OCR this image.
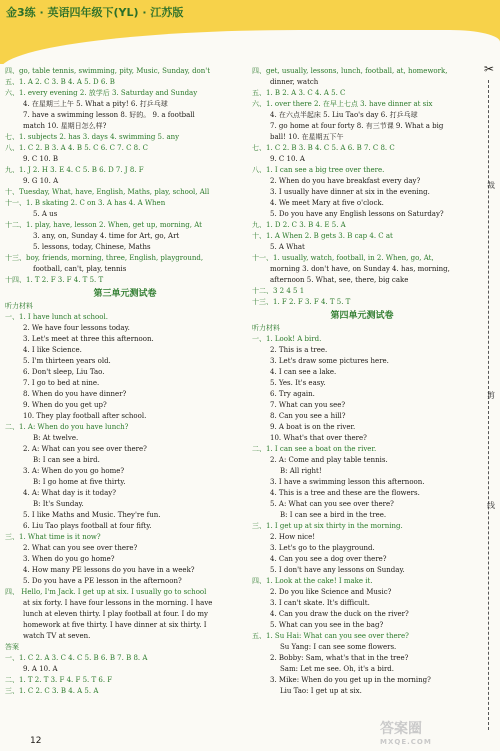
金3练 · 英语四年级下(YL) · 江苏版
✂
裁
剪
线
四、go, table tennis, swimming, pity, Music, Sunday, don't
五、1. A 2. C 3. B 4. A 5. D 6. B
六、1. every evening 2. 放学后 3. Saturday and Sunday
4. 在星期三上午 5. What a pity! 6. 打乒乓球
7. have a swimming lesson 8. 好的。 9. a football
match 10. 星期日怎么样?
七、1. subjects 2. has 3. days 4. swimming 5. any
八、1. C 2. B 3. A 4. B 5. C 6. C 7. C 8. C
9. C 10. B
九、1. J 2. H 3. E 4. C 5. B 6. D 7. J 8. F
9. G 10. A
十、Tuesday, What, have, English, Maths, play, school, All
十一、1. B skating 2. C on 3. A has 4. A When
5. A us
十二、1. play, have, lesson 2. When, get up, morning, At
3. any, on, Sunday 4. time for Art, go, Art
5. lessons, today, Chinese, Maths
十三、boy, friends, morning, three, English, playground,
football, can't, play, tennis
十四、1. T 2. F 3. F 4. T 5. T
第三单元测试卷
听力材料
一、1. I have lunch at school.
2. We have four lessons today.
3. Let's meet at three this afternoon.
4. I like Science.
5. I'm thirteen years old.
6. Don't sleep, Liu Tao.
7. I go to bed at nine.
8. When do you have dinner?
9. When do you get up?
10. They play football after school.
二、1. A: When do you have lunch?
B: At twelve.
2. A: What can you see over there?
B: I can see a bird.
3. A: When do you go home?
B: I go home at five thirty.
4. A: What day is it today?
B: It's Sunday.
5. I like Maths and Music. They're fun.
6. Liu Tao plays football at four fifty.
三、1. What time is it now?
2. What can you see over there?
3. When do you go home?
4. How many PE lessons do you have in a week?
5. Do you have a PE lesson in the afternoon?
四、 Hello, I'm Jack. I get up at six. I usually go to school
at six forty. I have four lessons in the morning. I have
lunch at eleven thirty. I play football at four. I do my
homework at five thirty. I have dinner at six thirty. I
watch TV at seven.
答案
一、1. C 2. A 3. C 4. C 5. B 6. B 7. B 8. A
9. A 10. A
二、1. T 2. T 3. F 4. F 5. T 6. F
三、1. C 2. C 3. B 4. A 5. A
四、get, usually, lessons, lunch, football, at, homework,
dinner, watch
五、1. B 2. A 3. C 4. A 5. C
六、1. over there 2. 在早上七点 3. have dinner at six
4. 在六点半起床 5. Liu Tao's day 6. 打乒乓球
7. go home at four forty 8. 有三节课 9. What a big
ball! 10. 在星期五下午
七、1. C 2. B 3. B 4. C 5. A 6. B 7. C 8. C
9. C 10. A
八、1. I can see a big tree over there.
2. When do you have breakfast every day?
3. I usually have dinner at six in the evening.
4. We meet Mary at five o'clock.
5. Do you have any English lessons on Saturday?
九、1. D 2. C 3. B 4. E 5. A
十、1. A When 2. B gets 3. B cap 4. C at
5. A What
十一、1. usually, watch, football, in 2. When, go, At,
morning 3. don't have, on Sunday 4. has, morning,
afternoon 5. What, see, there, big cake
十二、3 2 4 5 1
十三、1. F 2. F 3. F 4. T 5. T
第四单元测试卷
听力材料
一、1. Look! A bird.
2. This is a tree.
3. Let's draw some pictures here.
4. I can see a lake.
5. Yes. It's easy.
6. Try again.
7. What can you see?
8. Can you see a hill?
9. A boat is on the river.
10. What's that over there?
二、1. I can see a boat on the river.
2. A: Come and play table tennis.
B: All right!
3. I have a swimming lesson this afternoon.
4. This is a tree and these are the flowers.
5. A: What can you see over there?
B: I can see a bird in the tree.
三、1. I get up at six thirty in the morning.
2. How nice!
3. Let's go to the playground.
4. Can you see a dog over there?
5. I don't have any lessons on Sunday.
四、1. Look at the cake! I make it.
2. Do you like Science and Music?
3. I can't skate. It's difficult.
4. Can you draw the duck on the river?
5. What can you see in the bag?
五、1. Su Hai: What can you see over there?
Su Yang: I can see some flowers.
2. Bobby: Sam, what's that in the tree?
Sam: Let me see. Oh, it's a bird.
3. Mike: When do you get up in the morning?
Liu Tao: I get up at six.
12
答案圈
MXQE.COM
